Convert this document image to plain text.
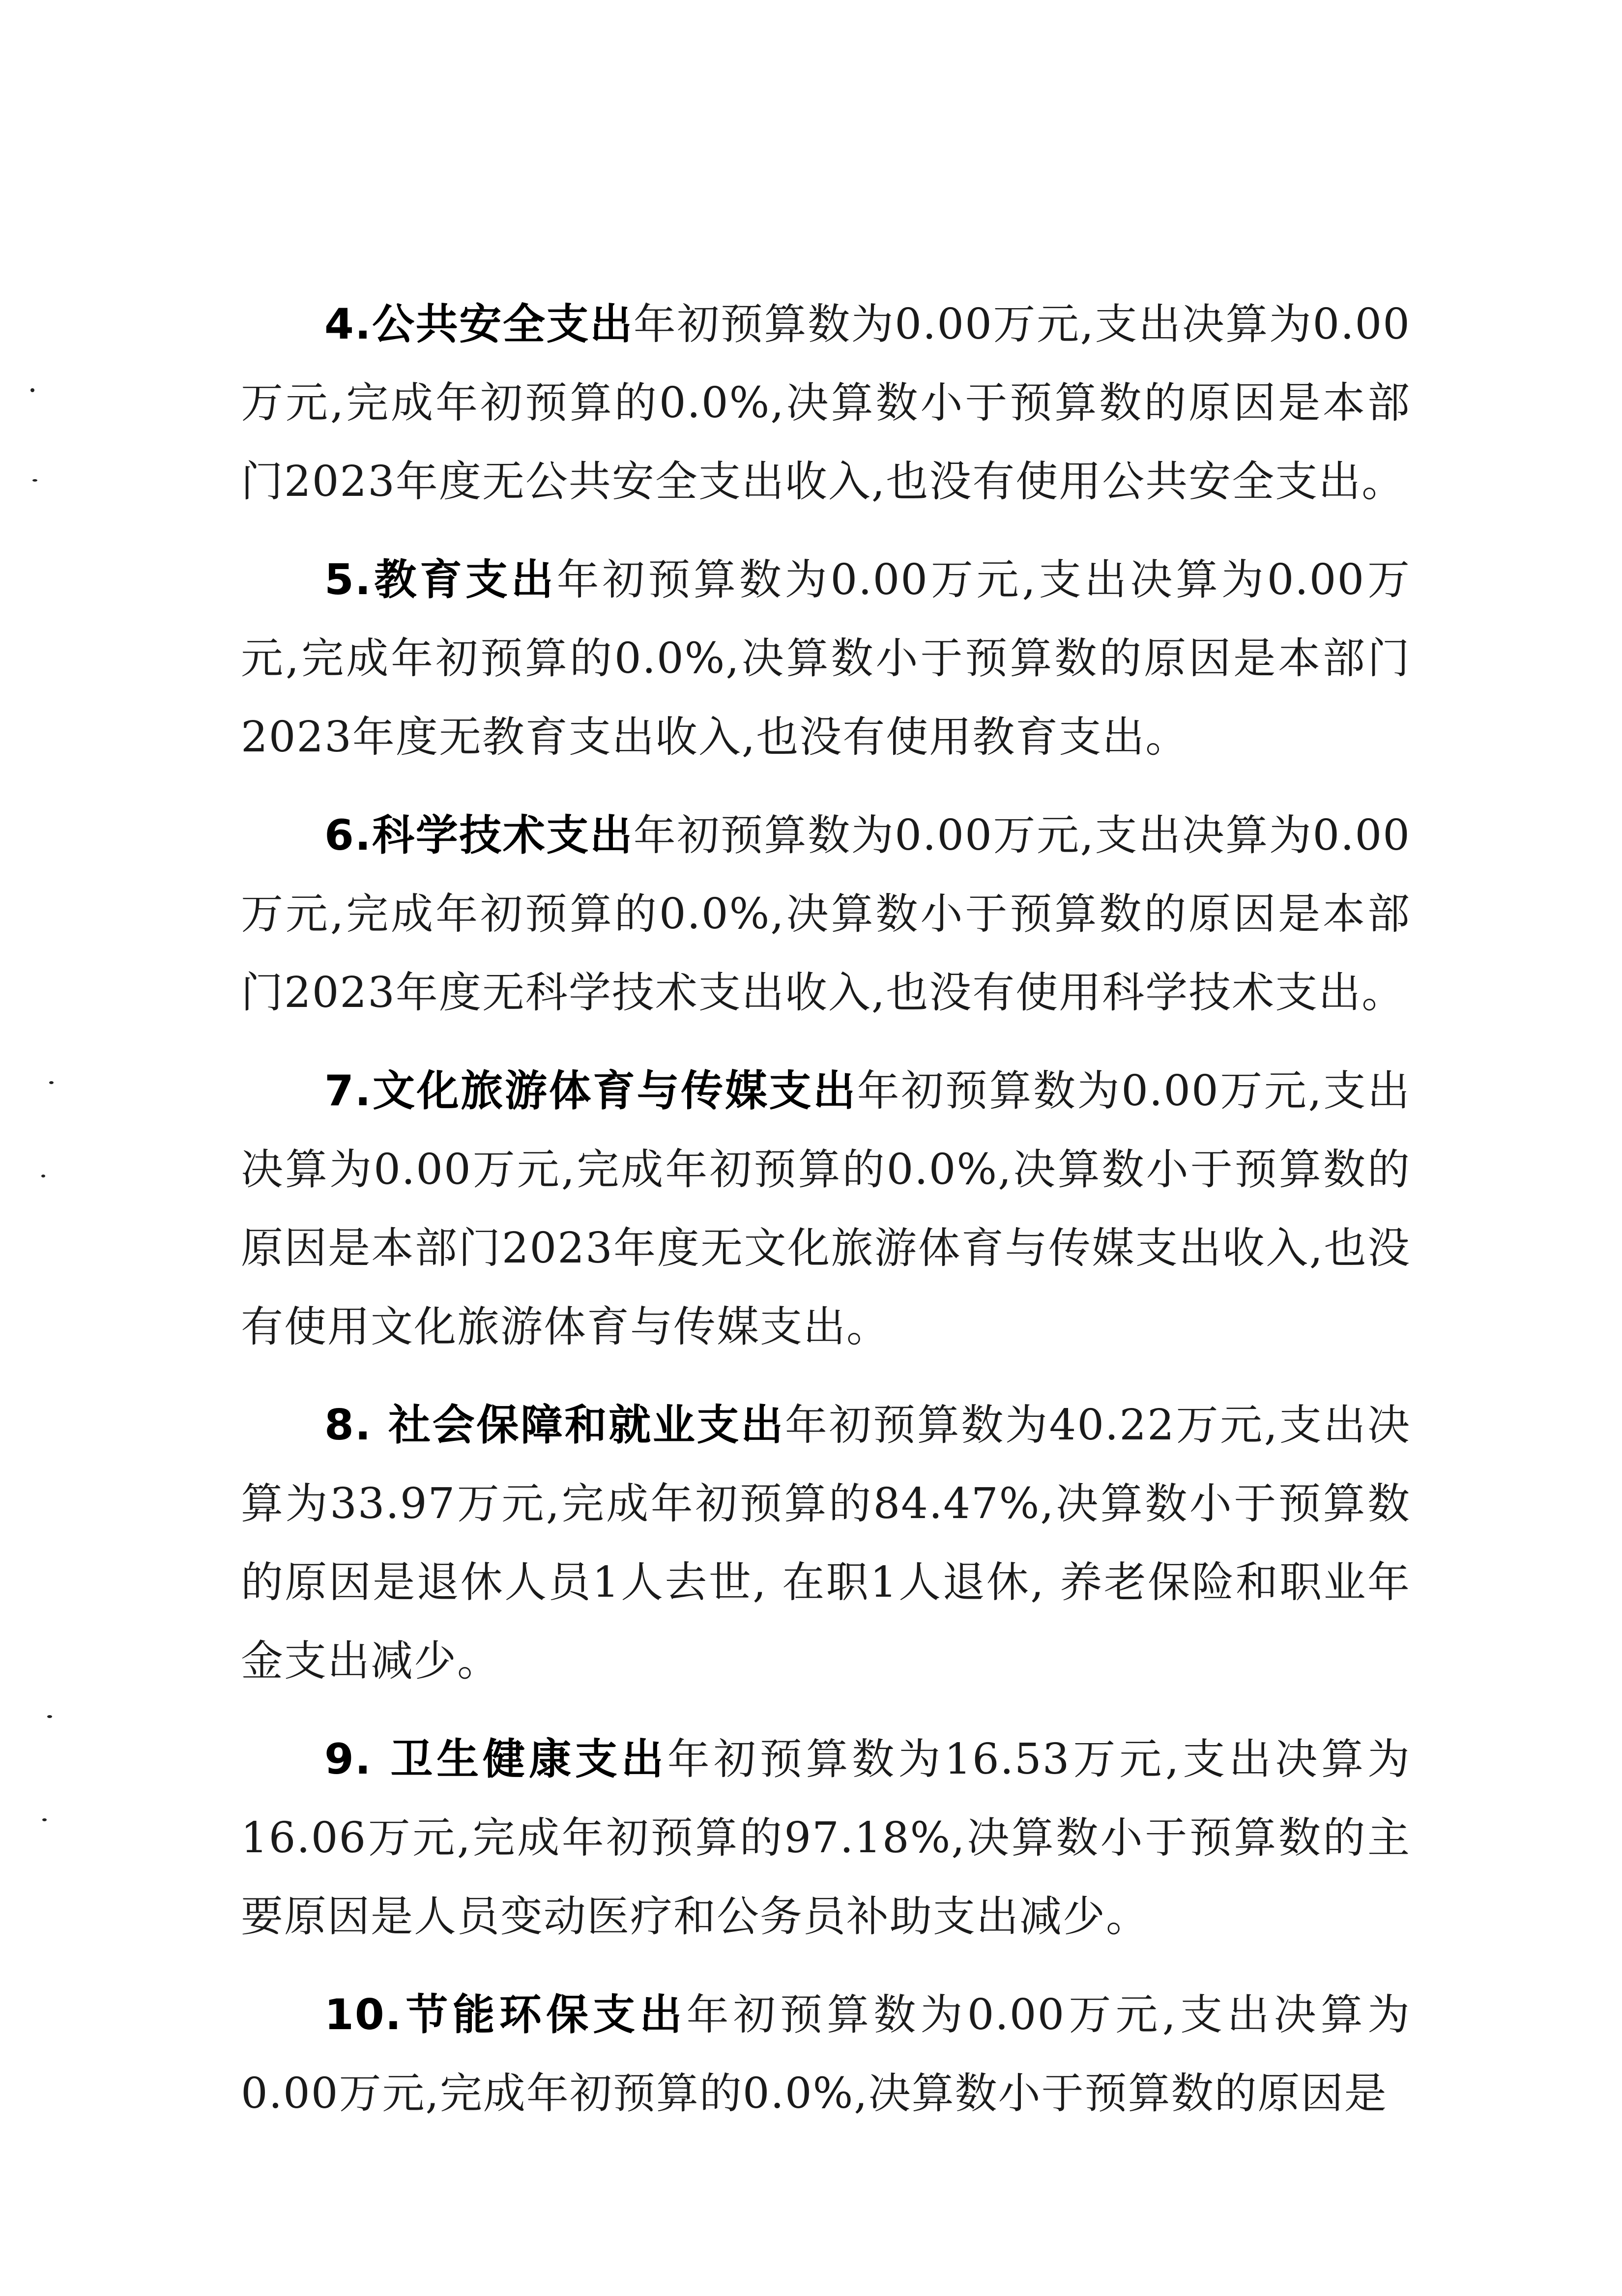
4.公共安全支出年初预算数为0.00万元,支出决算为0.00万元,完成年初预算的0.0%,决算数小于预算数的原因是本部门2023年度无公共安全支出收入,也没有使用公共安全支出。

5.教育支出年初预算数为0.00万元,支出决算为0.00万元,完成年初预算的0.0%,决算数小于预算数的原因是本部门2023年度无教育支出收入,也没有使用教育支出。

6.科学技术支出年初预算数为0.00万元,支出决算为0.00万元,完成年初预算的0.0%,决算数小于预算数的原因是本部门2023年度无科学技术支出收入,也没有使用科学技术支出。

7.文化旅游体育与传媒支出年初预算数为0.00万元,支出决算为0.00万元,完成年初预算的0.0%,决算数小于预算数的原因是本部门2023年度无文化旅游体育与传媒支出收入,也没有使用文化旅游体育与传媒支出。

8. 社会保障和就业支出年初预算数为40.22万元,支出决算为33.97万元,完成年初预算的84.47%,决算数小于预算数的原因是退休人员1人去世, 在职1人退休, 养老保险和职业年金支出减少。

9. 卫生健康支出年初预算数为16.53万元,支出决算为16.06万元,完成年初预算的97.18%,决算数小于预算数的主要原因是人员变动医疗和公务员补助支出减少。

10.节能环保支出年初预算数为0.00万元,支出决算为0.00万元,完成年初预算的0.0%,决算数小于预算数的原因是
